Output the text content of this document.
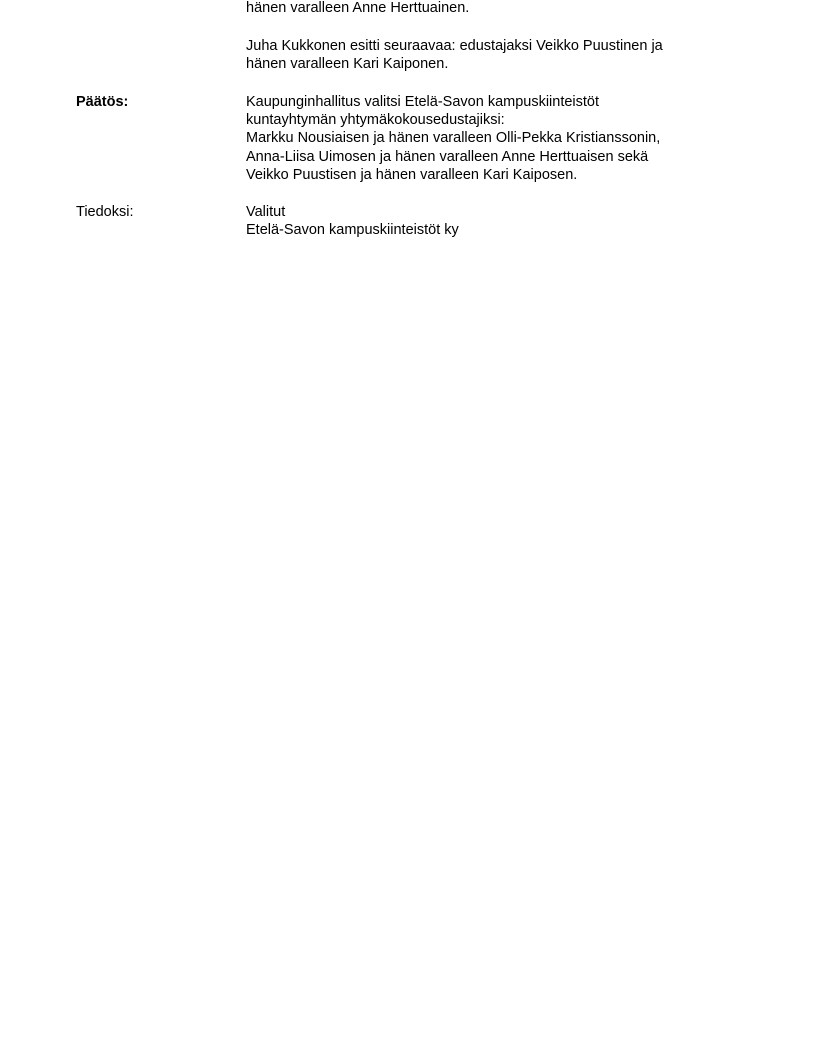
hänen varalleen Anne Herttuainen.
Juha Kukkonen esitti seuraavaa: edustajaksi Veikko Puustinen ja
hänen varalleen Kari Kaiponen.
Päätös:	Kaupunginhallitus valitsi Etelä-Savon kampuskiinteistöt
kuntayhtymän yhtymäkokousedustajiksi:
Markku Nousiaisen ja hänen varalleen Olli-Pekka Kristianssonin,
Anna-Liisa Uimosen ja hänen varalleen Anne Herttuaisen sekä
Veikko Puustisen ja hänen varalleen Kari Kaiposen.
Tiedoksi:	Valitut
Etelä-Savon kampuskiinteistöt ky
